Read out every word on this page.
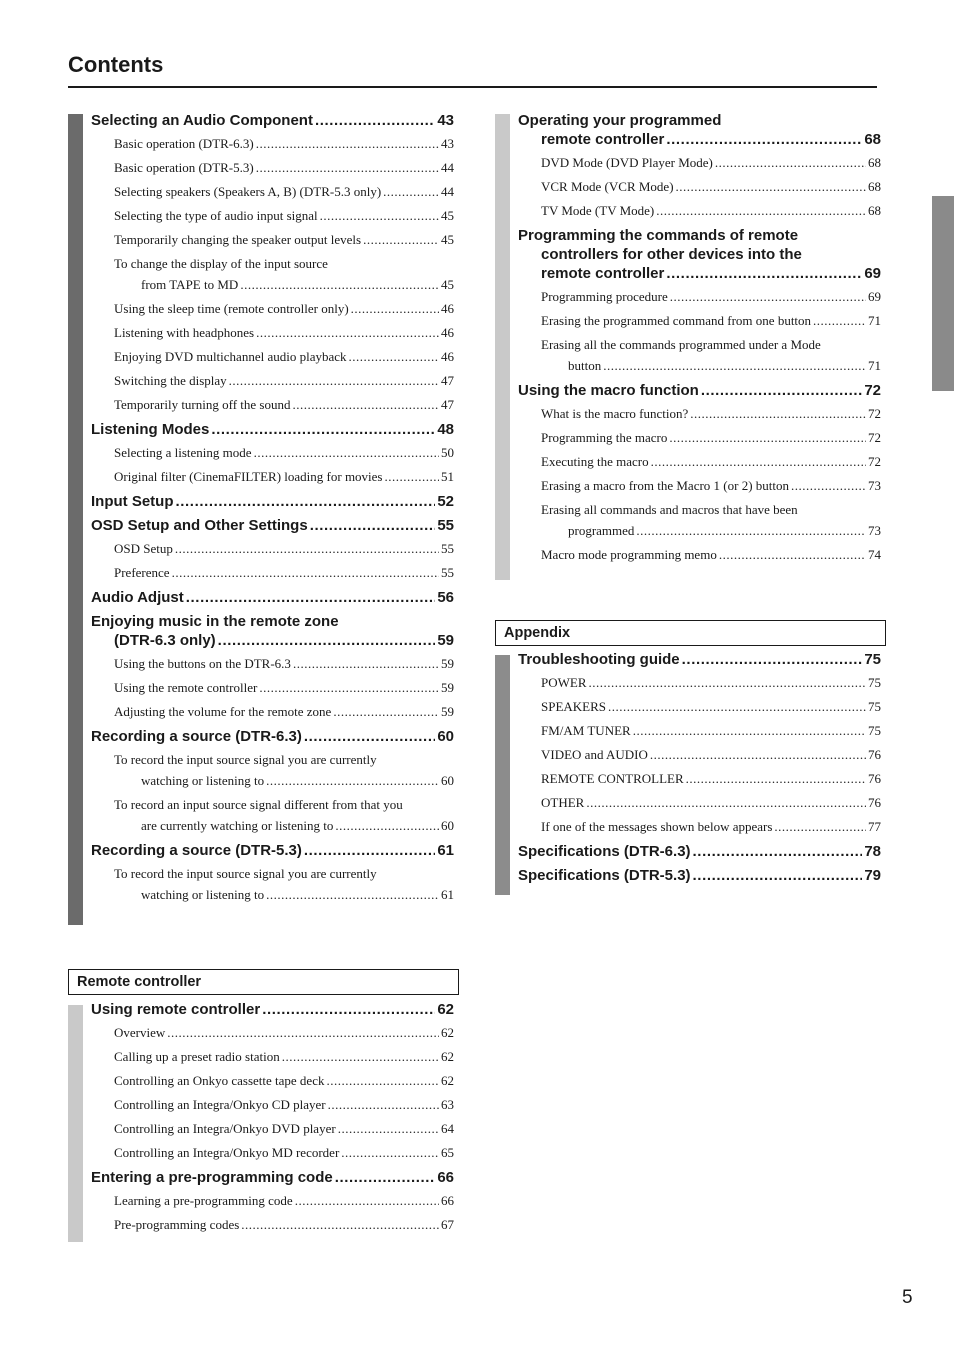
Contents
Selecting an Audio Component .....	43
Basic operation (DTR-6.3) .....	43
Basic operation (DTR-5.3) .....	44
Selecting speakers (Speakers A, B) (DTR-5.3 only) .....	44
Selecting the type of audio input signal .....	45
Temporarily changing the speaker output levels .....	45
To change the display of the input source
from TAPE to MD .....	45
Using the sleep time (remote controller only) .....	46
Listening with headphones .....	46
Enjoying DVD multichannel audio playback .....	46
Switching the display .....	47
Temporarily turning off the sound .....	47
Listening Modes .....	48
Selecting a listening mode .....	50
Original filter (CinemaFILTER) loading for movies .....	51
Input Setup .....	52
OSD Setup and Other Settings .....	55
OSD Setup .....	55
Preference .....	55
Audio Adjust .....	56
Enjoying music in the remote zone
(DTR-6.3 only) .....	59
Using the buttons on the DTR-6.3 .....	59
Using the remote controller .....	59
Adjusting the volume for the remote zone .....	59
Recording a source (DTR-6.3) .....	60
To record the input source signal you are currently
watching or listening to .....	60
To record an input source signal different from that you
are currently watching or listening to .....	60
Recording a source (DTR-5.3) .....	61
To record the input source signal you are currently
watching or listening to .....	61
Remote controller
Using remote controller .....	62
Overview .....	62
Calling up a preset radio station .....	62
Controlling an Onkyo cassette tape deck .....	62
Controlling an Integra/Onkyo CD player .....	63
Controlling an Integra/Onkyo DVD player .....	64
Controlling an Integra/Onkyo MD recorder .....	65
Entering a pre-programming code .....	66
Learning a pre-programming code .....	66
Pre-programming codes .....	67
Operating your programmed
remote controller .....	68
DVD Mode (DVD Player Mode) .....	68
VCR Mode (VCR Mode) .....	68
TV Mode (TV Mode) .....	68
Programming the commands of remote
controllers for other devices into the
remote controller .....	69
Programming procedure .....	69
Erasing the programmed command from one button .....	71
Erasing all the commands programmed under a Mode
button .....	71
Using the macro function .....	72
What is the macro function? .....	72
Programming the macro .....	72
Executing the macro .....	72
Erasing a macro from the Macro 1 (or 2) button .....	73
Erasing all commands and macros that have been
programmed .....	73
Macro mode programming memo .....	74
Appendix
Troubleshooting guide .....	75
POWER .....	75
SPEAKERS .....	75
FM/AM TUNER .....	75
VIDEO and AUDIO .....	76
REMOTE CONTROLLER .....	76
OTHER .....	76
If one of the messages shown below appears .....	77
Specifications (DTR-6.3) .....	78
Specifications (DTR-5.3) .....	79
5
